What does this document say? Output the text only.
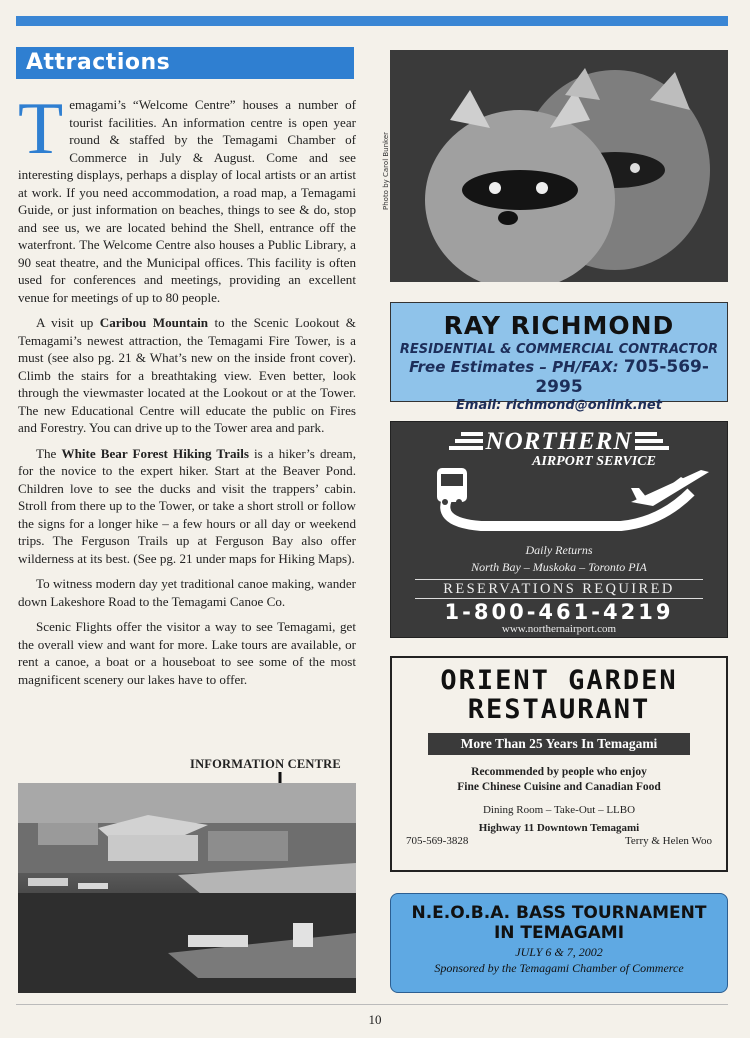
Attractions

Temagami’s “Welcome Centre” houses a number of tourist facilities. An information centre is open year round & staffed by the Temagami Chamber of Commerce in July & August. Come and see interesting displays, perhaps a display of local artists or an artist at work. If you need accommodation, a road map, a Temagami Guide, or just information on beaches, things to see & do, stop and see us, we are located behind the Shell, entrance off the waterfront. The Welcome Centre also houses a Public Library, a 90 seat theatre, and the Municipal offices. This facility is often used for conferences and meetings, providing an excellent venue for meetings of up to 80 people.

A visit up Caribou Mountain to the Scenic Lookout & Temagami’s newest attraction, the Temagami Fire Tower, is a must (see also pg. 21 & What’s new on the inside front cover). Climb the stairs for a breathtaking view. Even better, look through the viewmaster located at the Lookout or at the Tower. The new Educational Centre will educate the public on Fires and Forestry. You can drive up to the Tower area and park.

The White Bear Forest Hiking Trails is a hiker’s dream, for the novice to the expert hiker. Start at the Beaver Pond. Children love to see the ducks and visit the trappers’ cabin. Stroll from there up to the Tower, or take a short stroll or follow the signs for a longer hike – a few hours or all day or weekend trips. The Ferguson Trails up at Ferguson Bay also offer wilderness at its best. (See pg. 21 under maps for Hiking Maps).

To witness modern day yet traditional canoe making, wander down Lakeshore Road to the Temagami Canoe Co.

Scenic Flights offer the visitor a way to see Temagami, get the overall view and want for more. Lake tours are available, or rent a canoe, a boat or a houseboat to see some of the most magnificent scenery our lakes have to offer.

INFORMATION CENTRE
Photo by Carol Bunker
RAY RICHMOND
RESIDENTIAL & COMMERCIAL CONTRACTOR
Free Estimates – PH/FAX: 705-569-2995
Email: richmond@onlink.net
NORTHERN
AIRPORT SERVICE
Daily Returns
North Bay – Muskoka – Toronto PIA
RESERVATIONS REQUIRED
1-800-461-4219
www.northernairport.com
ORIENT GARDEN
RESTAURANT
More Than 25 Years In Temagami
Recommended by people who enjoy
Fine Chinese Cuisine and Canadian Food
Dining Room – Take-Out – LLBO
Highway 11 Downtown Temagami
705-569-3828	Terry & Helen Woo
N.E.O.B.A. BASS TOURNAMENT
IN TEMAGAMI
JULY 6 & 7, 2002
Sponsored by the Temagami Chamber of Commerce
10
